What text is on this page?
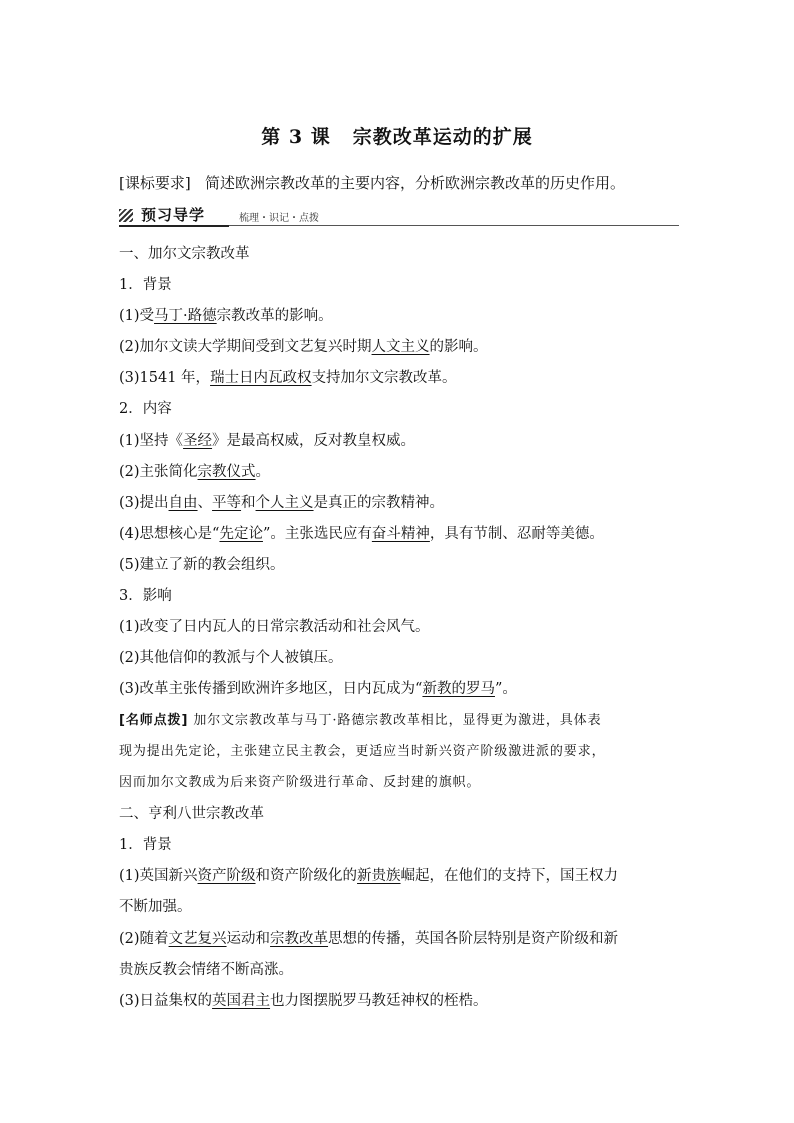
第 3 课 宗教改革运动的扩展
[课标要求] 简述欧洲宗教改革的主要内容，分析欧洲宗教改革的历史作用。
预习导学	梳理・识记・点拨
一、加尔文宗教改革
1．背景
(1)受马丁·路德宗教改革的影响。
(2)加尔文读大学期间受到文艺复兴时期人文主义的影响。
(3)1541 年，瑞士日内瓦政权支持加尔文宗教改革。
2．内容
(1)坚持《圣经》是最高权威，反对教皇权威。
(2)主张简化宗教仪式。
(3)提出自由、平等和个人主义是真正的宗教精神。
(4)思想核心是“先定论”。主张选民应有奋斗精神，具有节制、忍耐等美德。
(5)建立了新的教会组织。
3．影响
(1)改变了日内瓦人的日常宗教活动和社会风气。
(2)其他信仰的教派与个人被镇压。
(3)改革主张传播到欧洲许多地区，日内瓦成为“新教的罗马”。
[名师点拨] 加尔文宗教改革与马丁·路德宗教改革相比，显得更为激进，具体表
现为提出先定论，主张建立民主教会，更适应当时新兴资产阶级激进派的要求，
因而加尔文教成为后来资产阶级进行革命、反封建的旗帜。
二、亨利八世宗教改革
1．背景
(1)英国新兴资产阶级和资产阶级化的新贵族崛起，在他们的支持下，国王权力
不断加强。
(2)随着文艺复兴运动和宗教改革思想的传播，英国各阶层特别是资产阶级和新
贵族反教会情绪不断高涨。
(3)日益集权的英国君主也力图摆脱罗马教廷神权的桎梏。
